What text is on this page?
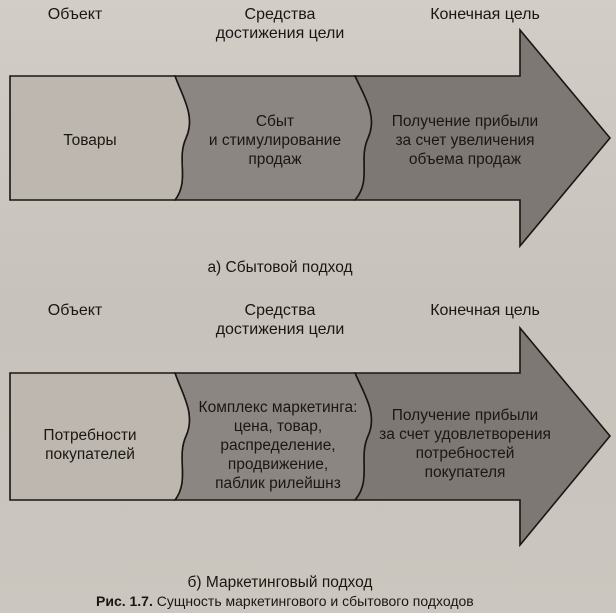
Объект	Средства
достижения цели
Конечная цель
Товары
Сбыт
и стимулирование
продаж
Получение прибыли
за счет увеличения
объема продаж
а) Сбытовой подход
Объект	Средства
достижения цели
Конечная цель
Потребности
покупателей
Комплекс маркетинга:
цена, товар,
распределение,
продвижение,
паблик рилейшнз
Получение прибыли
за счет удовлетворения
потребностей
покупателя
б) Маркетинговый подход
Рис. 1.7. Сущность маркетингового и сбытового подходов
